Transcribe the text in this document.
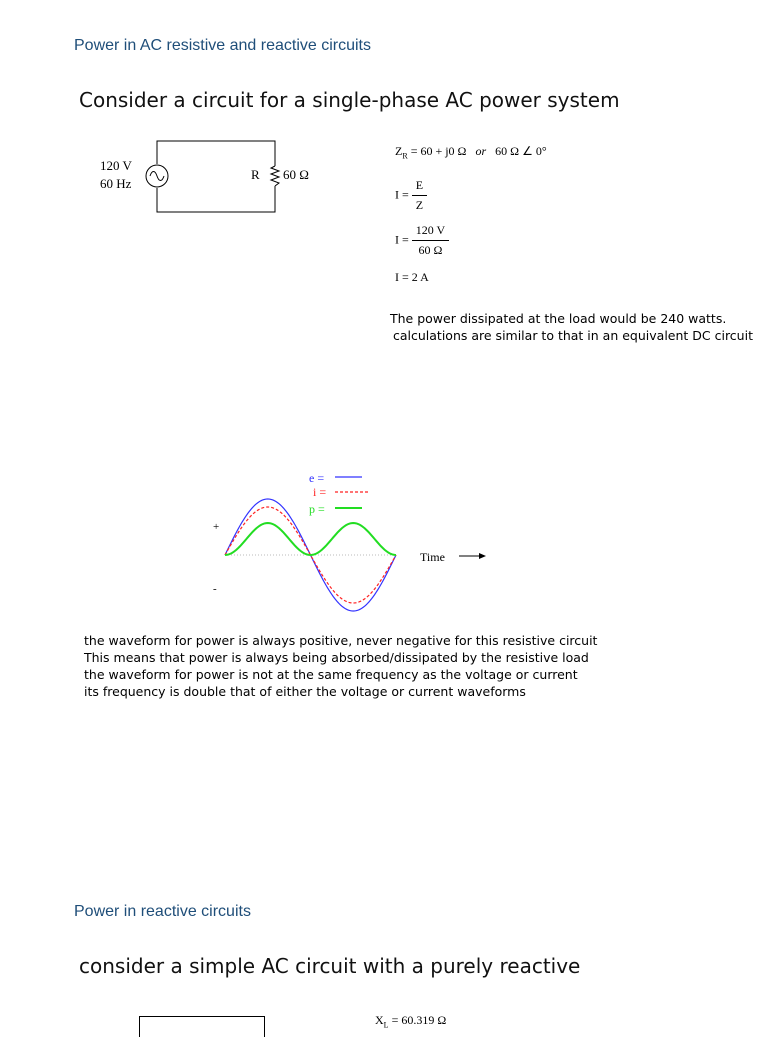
Power in AC resistive and reactive circuits
Consider a circuit for a single-phase AC power system
120 V
60 Hz
R 60 Ω
$Z_R = 60 + j0$ Ω or 60 Ω ∠ 0°
$I = \frac{E}{Z}$
$I = \frac{120 V}{60 \Omega}$
I = 2 A
The power dissipated at the load would be 240 watts.
calculations are similar to that in an equivalent DC circuit
e =
i =
p =
+
-
Time
the waveform for power is always positive, never negative for this resistive circuit
This means that power is always being absorbed/dissipated by the resistive load
the waveform for power is not at the same frequency as the voltage or current
its frequency is double that of either the voltage or current waveforms
Power in reactive circuits
consider a simple AC circuit with a purely reactive
$X_L = 60.319$ Ω
